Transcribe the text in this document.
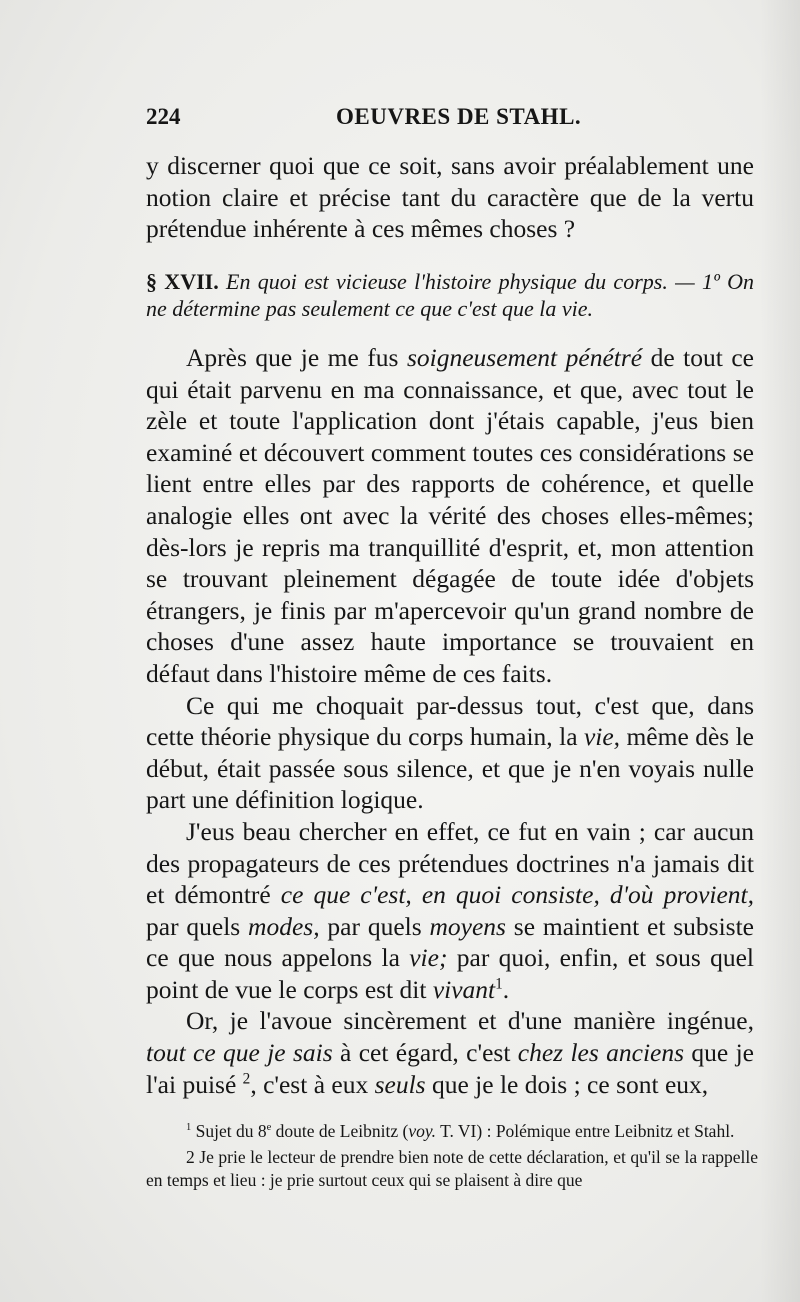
224	OEUVRES DE STAHL.

y discerner quoi que ce soit, sans avoir préalablement une notion claire et précise tant du caractère que de la vertu prétendue inhérente à ces mêmes choses ?

§ XVII. En quoi est vicieuse l'histoire physique du corps. — 1º On ne détermine pas seulement ce que c'est que la vie.

Après que je me fus soigneusement pénétré de tout ce qui était parvenu en ma connaissance, et que, avec tout le zèle et toute l'application dont j'étais capable, j'eus bien examiné et découvert comment toutes ces considérations se lient entre elles par des rapports de cohérence, et quelle analogie elles ont avec la vérité des choses elles-mêmes; dès-lors je repris ma tranquillité d'esprit, et, mon attention se trouvant pleinement dégagée de toute idée d'objets étrangers, je finis par m'apercevoir qu'un grand nombre de choses d'une assez haute importance se trouvaient en défaut dans l'histoire même de ces faits.

Ce qui me choquait par-dessus tout, c'est que, dans cette théorie physique du corps humain, la vie, même dès le début, était passée sous silence, et que je n'en voyais nulle part une définition logique.

J'eus beau chercher en effet, ce fut en vain ; car aucun des propagateurs de ces prétendues doctrines n'a jamais dit et démontré ce que c'est, en quoi consiste, d'où provient, par quels modes, par quels moyens se maintient et subsiste ce que nous appelons la vie; par quoi, enfin, et sous quel point de vue le corps est dit vivant$^1$.

Or, je l'avoue sincèrement et d'une manière ingénue, tout ce que je sais à cet égard, c'est chez les anciens que je l'ai puisé $^2$, c'est à eux seuls que je le dois ; ce sont eux,

$^1$ Sujet du 8e doute de Leibnitz (voy. T. VI) : Polémique entre Leibnitz et Stahl.

2 Je prie le lecteur de prendre bien note de cette déclaration, et qu'il se la rappelle en temps et lieu : je prie surtout ceux qui se plaisent à dire que
